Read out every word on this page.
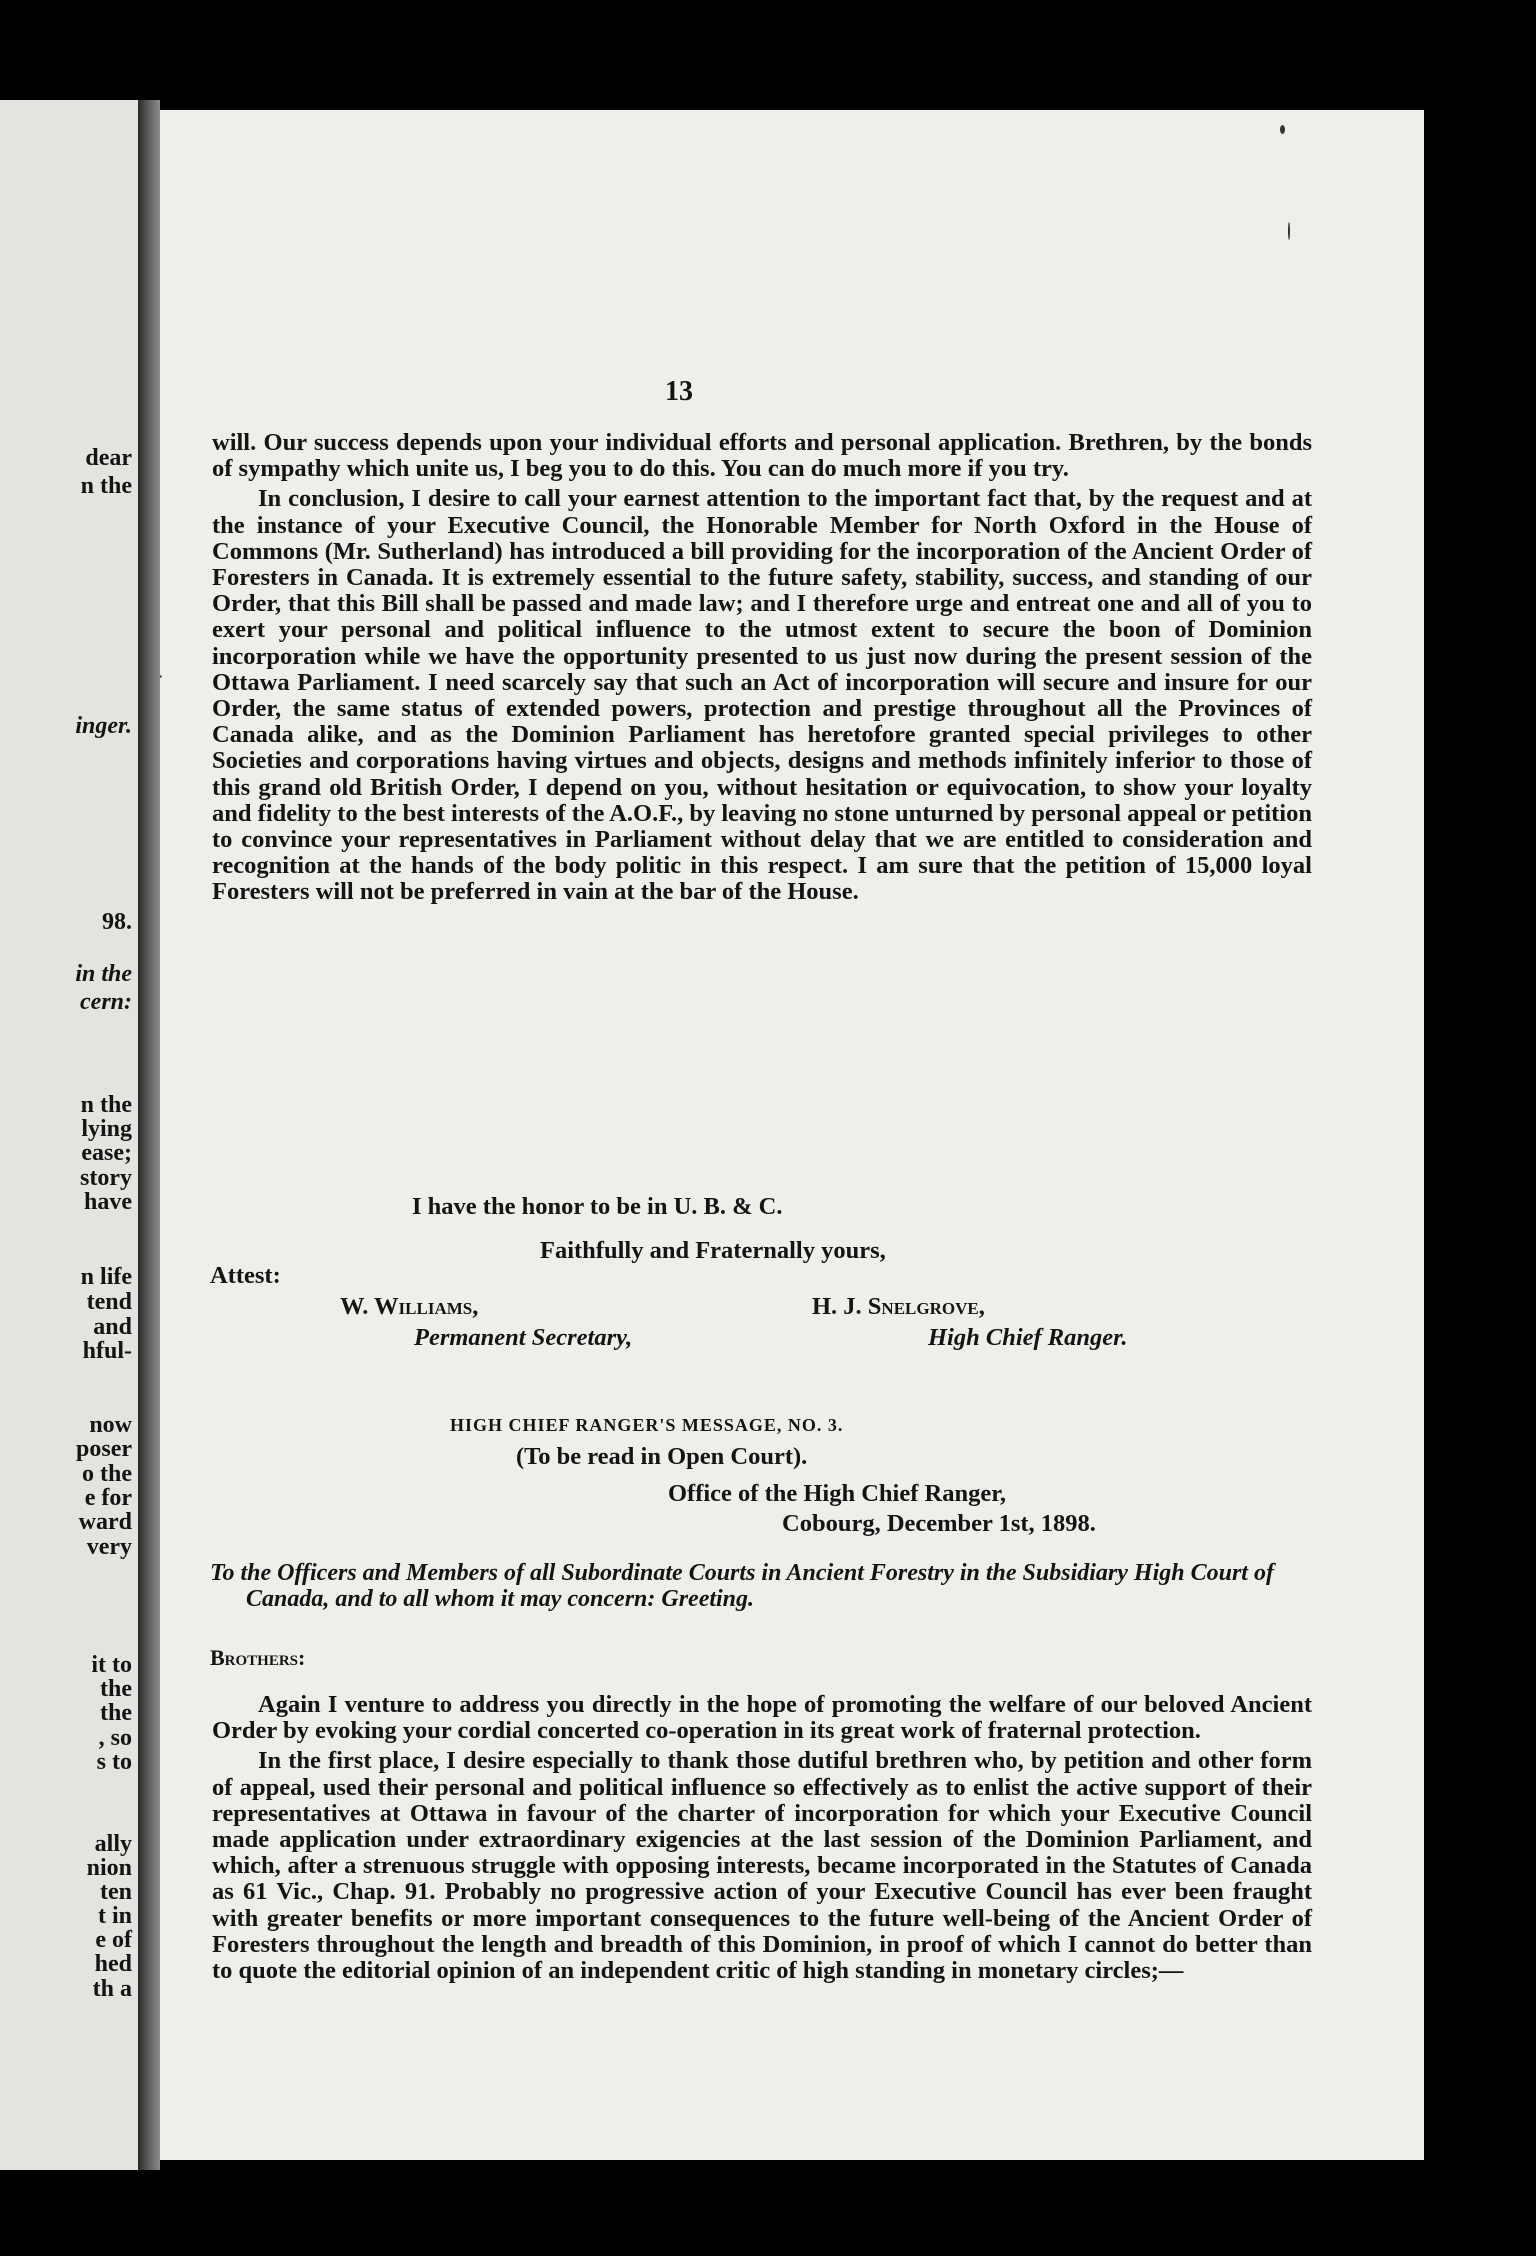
dear
n the
inger.
98.
in the
cern:
n the
lying
ease;
story
have
n life
tend
and
hful-
now
poser
o the
e for
ward
very
it to
the
the
, so
s to
ally
nion
ten
t in
e of
hed
th a
13

will. Our success depends upon your individual efforts and personal application. Brethren, by the bonds of sympathy which unite us, I beg you to do this. You can do much more if you try.

In conclusion, I desire to call your earnest attention to the important fact that, by the request and at the instance of your Executive Council, the Honorable Member for North Oxford in the House of Commons (Mr. Sutherland) has introduced a bill providing for the incorporation of the Ancient Order of Foresters in Canada. It is extremely essential to the future safety, stability, success, and standing of our Order, that this Bill shall be passed and made law; and I therefore urge and entreat one and all of you to exert your personal and political influence to the utmost extent to secure the boon of Dominion incorporation while we have the opportunity presented to us just now during the present session of the Ottawa Parliament. I need scarcely say that such an Act of incorporation will secure and insure for our Order, the same status of extended powers, protection and prestige throughout all the Provinces of Canada alike, and as the Dominion Parliament has heretofore granted special privileges to other Societies and corporations having virtues and objects, designs and methods infinitely inferior to those of this grand old British Order, I depend on you, without hesitation or equivocation, to show your loyalty and fidelity to the best interests of the A.O.F., by leaving no stone unturned by personal appeal or petition to convince your representatives in Parliament without delay that we are entitled to consideration and recognition at the hands of the body politic in this respect. I am sure that the petition of 15,000 loyal Foresters will not be preferred in vain at the bar of the House.

I have the honor to be in U. B. & C.
Faithfully and Fraternally yours,
Attest:
W. Williams,
Permanent Secretary,
H. J. Snelgrove,
High Chief Ranger.
HIGH CHIEF RANGER'S MESSAGE, NO. 3.
(To be read in Open Court).
Office of the High Chief Ranger,
Cobourg, December 1st, 1898.
To the Officers and Members of all Subordinate Courts in Ancient Forestry in the Subsidiary High Court of Canada, and to all whom it may concern: Greeting.
Brothers:

Again I venture to address you directly in the hope of promoting the welfare of our beloved Ancient Order by evoking your cordial concerted co-operation in its great work of fraternal protection.

In the first place, I desire especially to thank those dutiful brethren who, by petition and other form of appeal, used their personal and political influence so effectively as to enlist the active support of their representatives at Ottawa in favour of the charter of incorporation for which your Executive Council made application under extraordinary exigencies at the last session of the Dominion Parliament, and which, after a strenuous struggle with opposing interests, became incorporated in the Statutes of Canada as 61 Vic., Chap. 91. Probably no progressive action of your Executive Council has ever been fraught with greater benefits or more important consequences to the future well-being of the Ancient Order of Foresters throughout the length and breadth of this Dominion, in proof of which I cannot do better than to quote the editorial opinion of an independent critic of high standing in monetary circles;—
